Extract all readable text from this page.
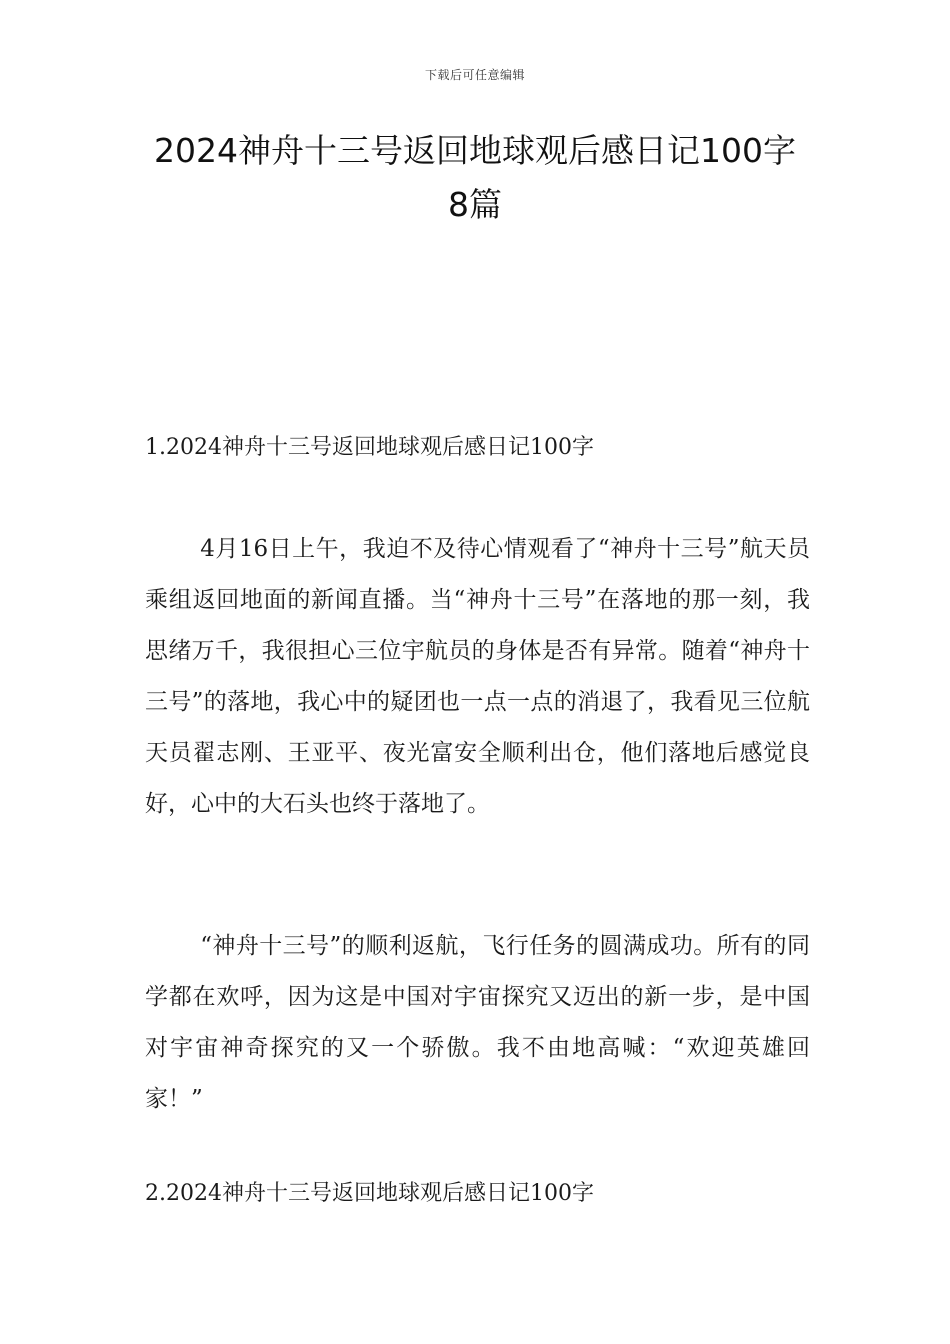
下载后可任意编辑
2024神舟十三号返回地球观后感日记100字8篇
1.2024神舟十三号返回地球观后感日记100字

4月16日上午，我迫不及待心情观看了“神舟十三号”航天员乘组返回地面的新闻直播。当“神舟十三号”在落地的那一刻，我思绪万千，我很担心三位宇航员的身体是否有异常。随着“神舟十三号”的落地，我心中的疑团也一点一点的消退了，我看见三位航天员翟志刚、王亚平、夜光富安全顺利出仓，他们落地后感觉良好，心中的大石头也终于落地了。

“神舟十三号”的顺利返航，飞行任务的圆满成功。所有的同学都在欢呼，因为这是中国对宇宙探究又迈出的新一步，是中国对宇宙神奇探究的又一个骄傲。我不由地高喊：“欢迎英雄回家！”

2.2024神舟十三号返回地球观后感日记100字
